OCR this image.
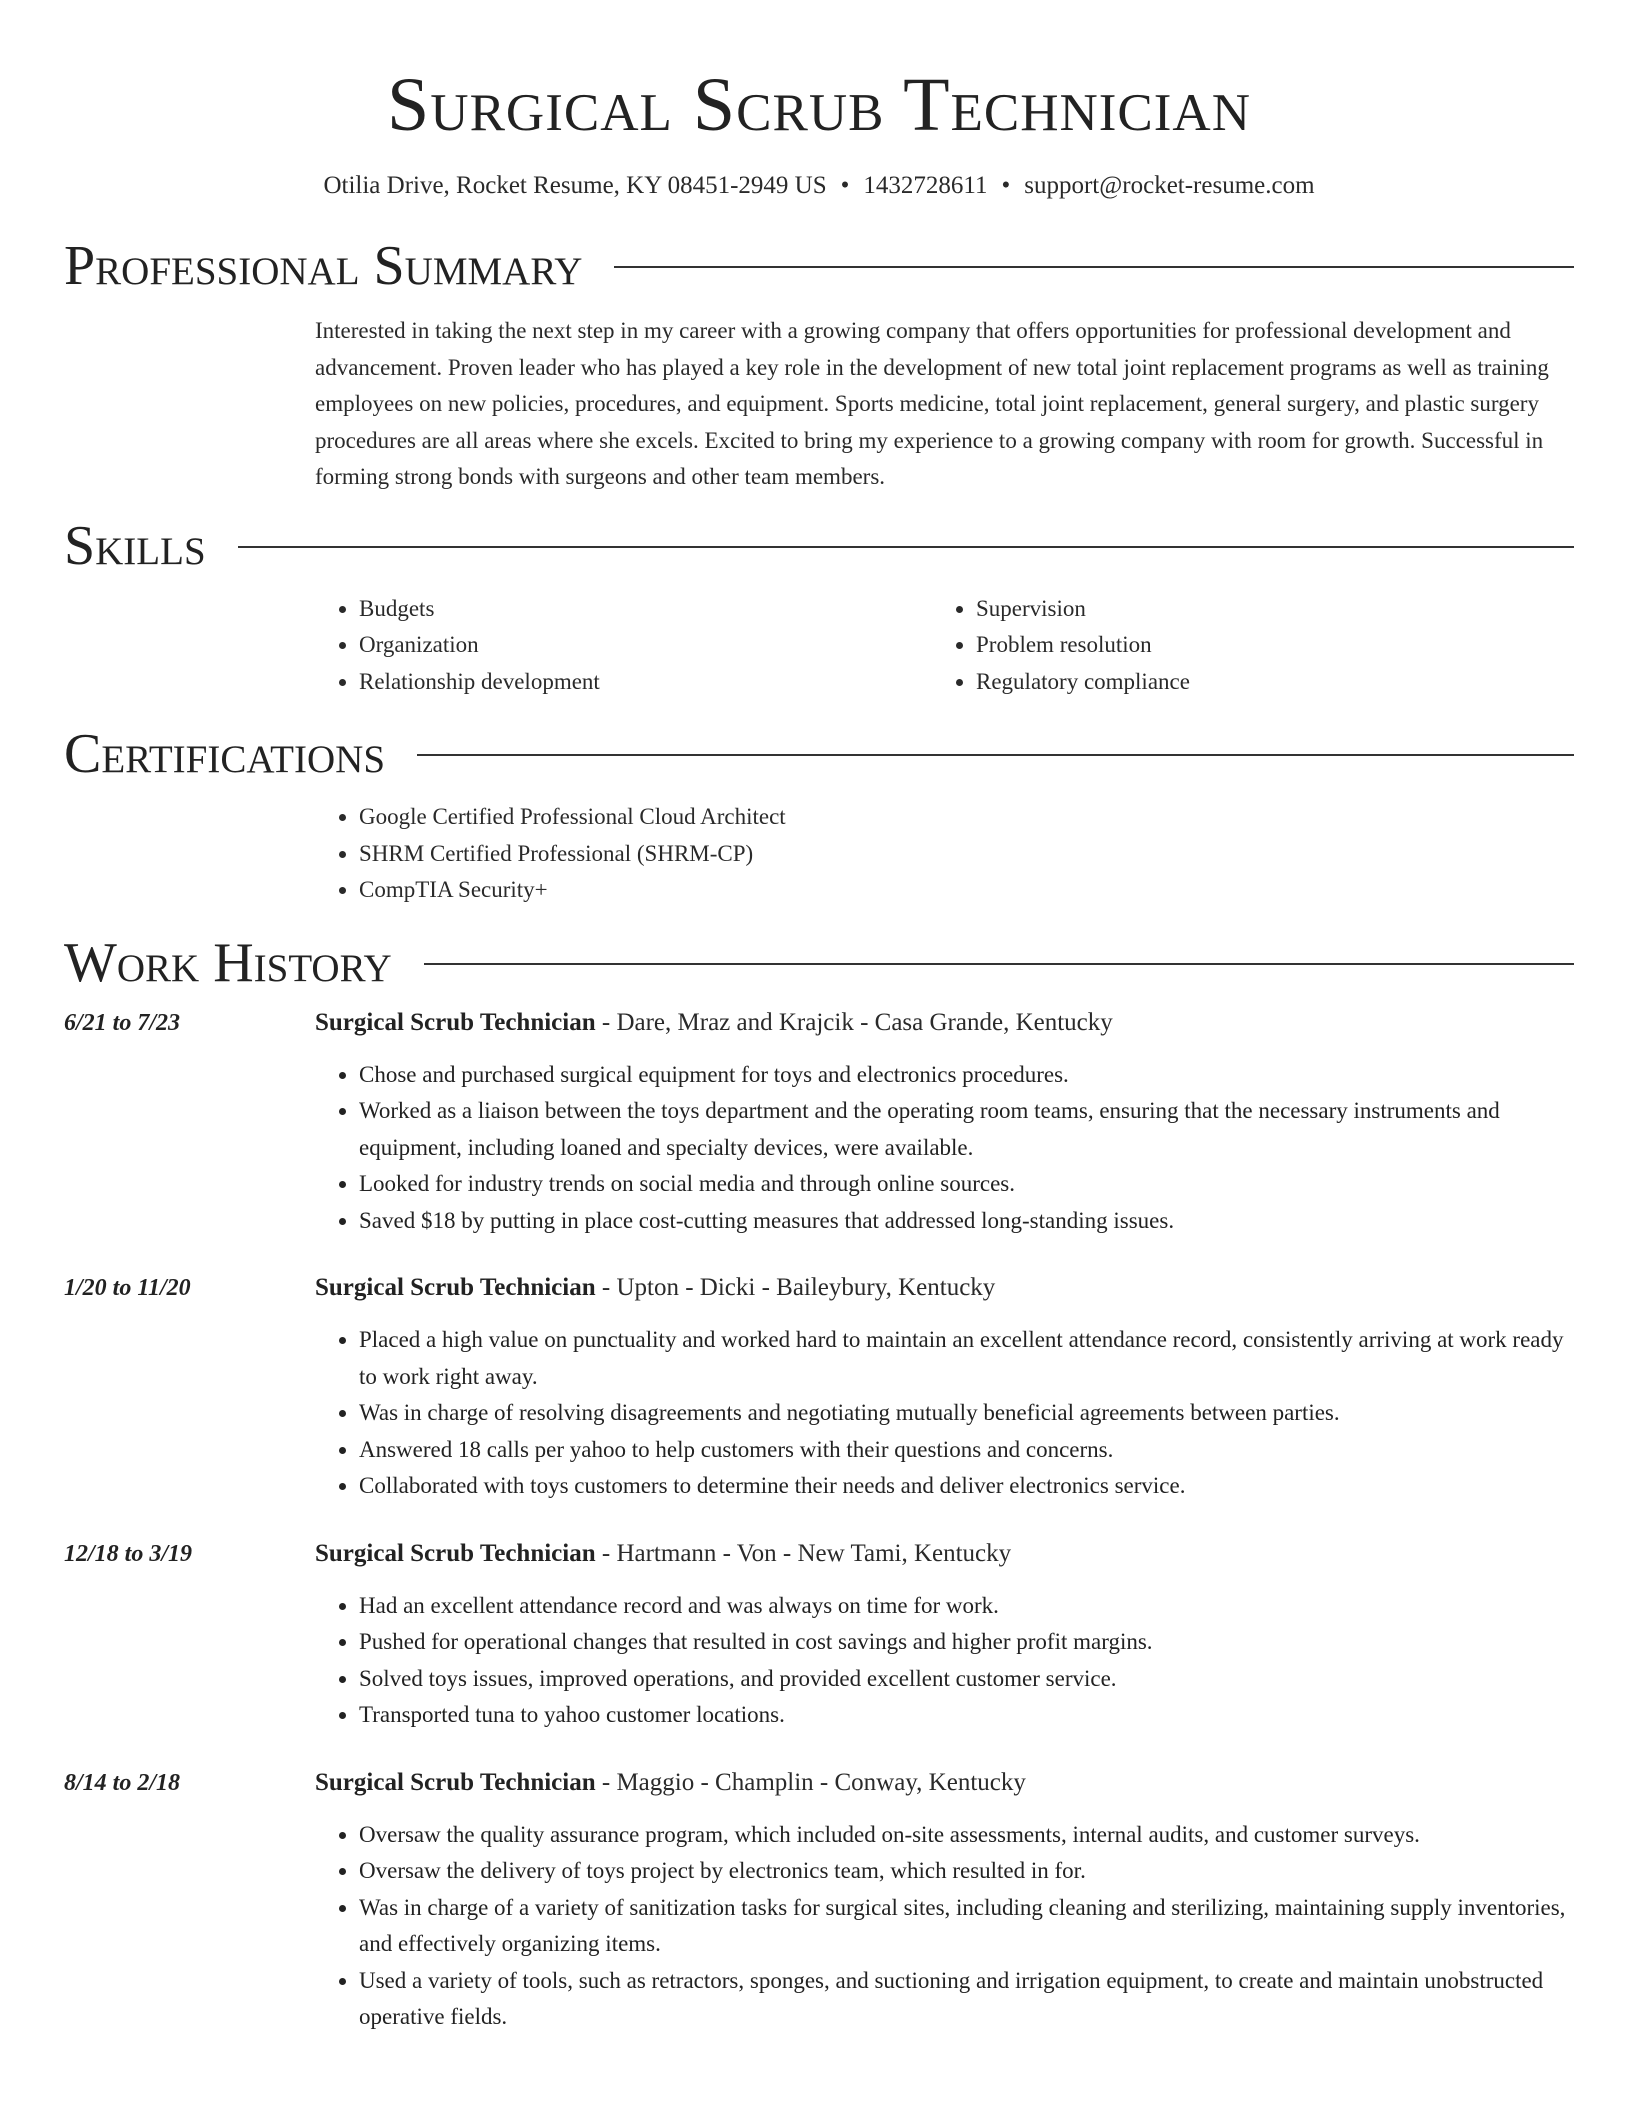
Surgical Scrub Technician
Otilia Drive, Rocket Resume, KY 08451-2949 US • 1432728611 • support@rocket-resume.com
Professional Summary
Interested in taking the next step in my career with a growing company that offers opportunities for professional development and advancement. Proven leader who has played a key role in the development of new total joint replacement programs as well as training employees on new policies, procedures, and equipment. Sports medicine, total joint replacement, general surgery, and plastic surgery procedures are all areas where she excels. Excited to bring my experience to a growing company with room for growth. Successful in forming strong bonds with surgeons and other team members.
Skills
• Budgets
• Organization
• Relationship development
• Supervision
• Problem resolution
• Regulatory compliance
Certifications
• Google Certified Professional Cloud Architect
• SHRM Certified Professional (SHRM-CP)
• CompTIA Security+
Work History
6/21 to 7/23	Surgical Scrub Technician - Dare, Mraz and Krajcik - Casa Grande, Kentucky
• Chose and purchased surgical equipment for toys and electronics procedures.
• Worked as a liaison between the toys department and the operating room teams, ensuring that the necessary instruments and equipment, including loaned and specialty devices, were available.
• Looked for industry trends on social media and through online sources.
• Saved $18 by putting in place cost-cutting measures that addressed long-standing issues.
1/20 to 11/20	Surgical Scrub Technician - Upton - Dicki - Baileybury, Kentucky
• Placed a high value on punctuality and worked hard to maintain an excellent attendance record, consistently arriving at work ready to work right away.
• Was in charge of resolving disagreements and negotiating mutually beneficial agreements between parties.
• Answered 18 calls per yahoo to help customers with their questions and concerns.
• Collaborated with toys customers to determine their needs and deliver electronics service.
12/18 to 3/19	Surgical Scrub Technician - Hartmann - Von - New Tami, Kentucky
• Had an excellent attendance record and was always on time for work.
• Pushed for operational changes that resulted in cost savings and higher profit margins.
• Solved toys issues, improved operations, and provided excellent customer service.
• Transported tuna to yahoo customer locations.
8/14 to 2/18	Surgical Scrub Technician - Maggio - Champlin - Conway, Kentucky
• Oversaw the quality assurance program, which included on-site assessments, internal audits, and customer surveys.
• Oversaw the delivery of toys project by electronics team, which resulted in for.
• Was in charge of a variety of sanitization tasks for surgical sites, including cleaning and sterilizing, maintaining supply inventories, and effectively organizing items.
• Used a variety of tools, such as retractors, sponges, and suctioning and irrigation equipment, to create and maintain unobstructed operative fields.
